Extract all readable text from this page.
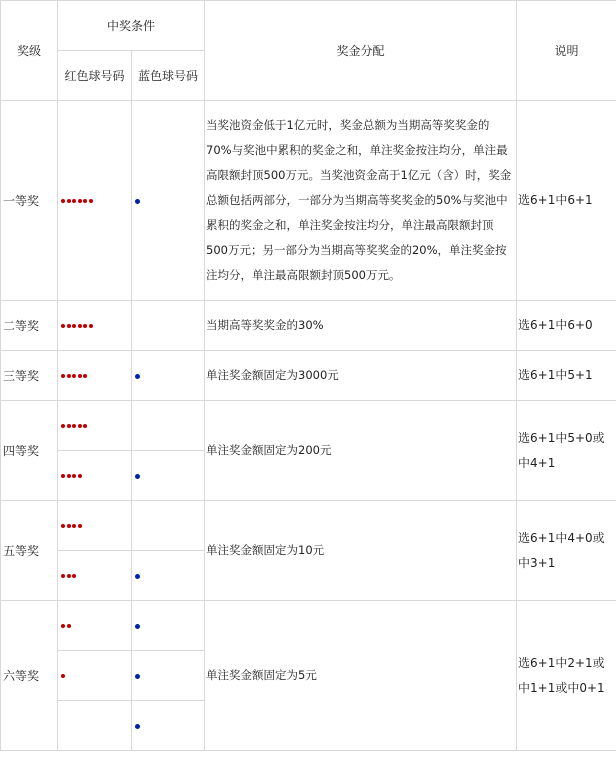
奖级	中奖条件		奖金分配	说明
	红色球号码	蓝色球号码		
一等奖			当奖池资金低于1亿元时，奖金总额为当期高等奖奖金的70%与奖池中累积的奖金之和，单注奖金按注均分，单注最高限额封顶500万元。当奖池资金高于1亿元（含）时，奖金总额包括两部分，一部分为当期高等奖奖金的50%与奖池中累积的奖金之和，单注奖金按注均分，单注最高限额封顶500万元；另一部分为当期高等奖奖金的20%，单注奖金按注均分，单注最高限额封顶500万元。	选6+1中6+1
二等奖			当期高等奖奖金的30%	选6+1中6+0
三等奖			单注奖金额固定为3000元	选6+1中5+1
四等奖			单注奖金额固定为200元	选6+1中5+0或中4+1

五等奖			单注奖金额固定为10元	选6+1中4+0或中3+1

六等奖			单注奖金额固定为5元	选6+1中2+1或中1+1或中0+1
